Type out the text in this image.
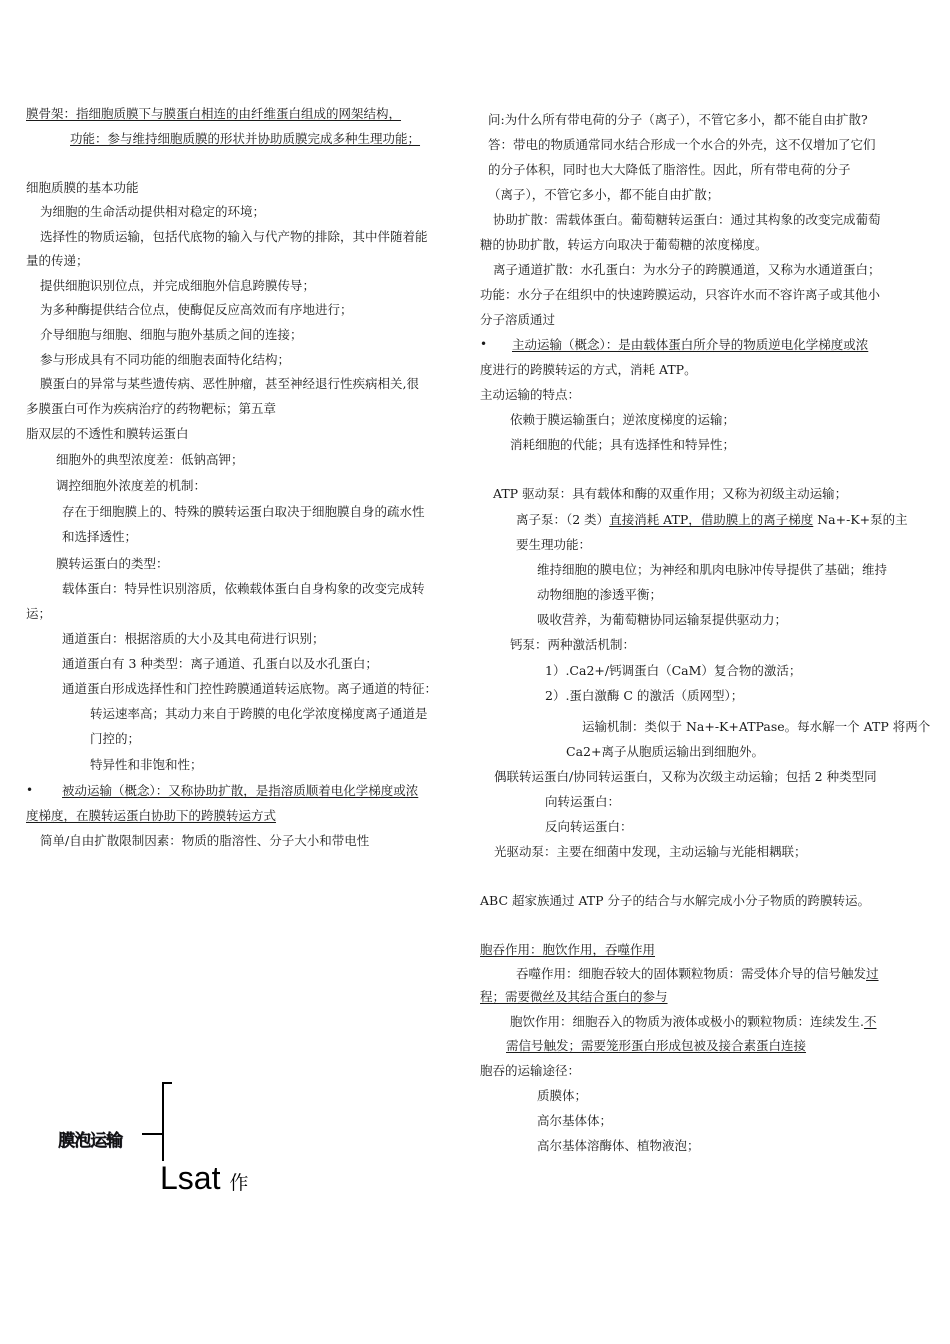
膜骨架：指细胞质膜下与膜蛋白相连的由纤维蛋白组成的网架结构，
功能：参与维持细胞质膜的形状并协助质膜完成多种生理功能；
细胞质膜的基本功能
为细胞的生命活动提供相对稳定的环境；
选择性的物质运输，包括代底物的输入与代产物的排除，其中伴随着能
量的传递；
提供细胞识别位点，并完成细胞外信息跨膜传导；
为多种酶提供结合位点，使酶促反应高效而有序地进行；
介导细胞与细胞、细胞与胞外基质之间的连接；
参与形成具有不同功能的细胞表面特化结构；
膜蛋白的异常与某些遗传病、恶性肿瘤，甚至神经退行性疾病相关,很
多膜蛋白可作为疾病治疗的药物靶标；第五章
脂双层的不透性和膜转运蛋白
细胞外的典型浓度差：低钠高钾；
调控细胞外浓度差的机制：
存在于细胞膜上的、特殊的膜转运蛋白取决于细胞膜自身的疏水性
和选择透性；
膜转运蛋白的类型：
载体蛋白：特异性识别溶质，依赖载体蛋白自身构象的改变完成转
运；
通道蛋白：根据溶质的大小及其电荷进行识别；
通道蛋白有 3 种类型：离子通道、孔蛋白以及水孔蛋白；
通道蛋白形成选择性和门控性跨膜通道转运底物。离子通道的特征：
转运速率高；其动力来自于跨膜的电化学浓度梯度离子通道是
门控的；
特异性和非饱和性；
• 被动运输（概念）：又称协助扩散，是指溶质顺着电化学梯度或浓
度梯度，在膜转运蛋白协助下的跨膜转运方式
简单/自由扩散限制因素：物质的脂溶性、分子大小和带电性
膜泡运输
Lsat 作
问:为什么所有带电荷的分子（离子），不管它多小，都不能自由扩散?
答：带电的物质通常同水结合形成一个水合的外壳，这不仅增加了它们
的分子体积，同时也大大降低了脂溶性。因此，所有带电荷的分子
（离子），不管它多小，都不能自由扩散；
协助扩散：需载体蛋白。葡萄糖转运蛋白：通过其构象的改变完成葡萄
糖的协助扩散，转运方向取决于葡萄糖的浓度梯度。
离子通道扩散：水孔蛋白：为水分子的跨膜通道，又称为水通道蛋白；
功能：水分子在组织中的快速跨膜运动，只容许水而不容许离子或其他小
分子溶质通过
• 主动运输（概念）：是由载体蛋白所介导的物质逆电化学梯度或浓
度进行的跨膜转运的方式，消耗 ATP。
主动运输的特点：
依赖于膜运输蛋白；逆浓度梯度的运输；
消耗细胞的代能；具有选择性和特异性；
ATP 驱动泵：具有载体和酶的双重作用；又称为初级主动运输；
离子泵：（2 类）直接消耗 ATP，借助膜上的离子梯度 Na+-K+泵的主
要生理功能：
维持细胞的膜电位；为神经和肌肉电脉冲传导提供了基础；维持
动物细胞的渗透平衡；
吸收营养，为葡萄糖协同运输泵提供驱动力；
钙泵：两种激活机制：
1）.Ca2+/钙调蛋白（CaM）复合物的激活；
2）.蛋白激酶 C 的激活（质网型）；
运输机制：类似于 Na+-K+ATPase。每水解一个 ATP 将两个
Ca2+离子从胞质运输出到细胞外。
偶联转运蛋白/协同转运蛋白，又称为次级主动运输；包括 2 种类型同
向转运蛋白：
反向转运蛋白：
光驱动泵：主要在细菌中发现，主动运输与光能相耦联；
ABC 超家族通过 ATP 分子的结合与水解完成小分子物质的跨膜转运。
胞吞作用：胞饮作用，吞噬作用
吞噬作用：细胞吞较大的固体颗粒物质：需受体介导的信号触发过
程；需要微丝及其结合蛋白的参与
胞饮作用：细胞吞入的物质为液体或极小的颗粒物质：连续发生.不
需信号触发；需要笼形蛋白形成包被及接合素蛋白连接
胞吞的运输途径：
质膜体；
高尔基体体；
高尔基体溶酶体、植物液泡；
